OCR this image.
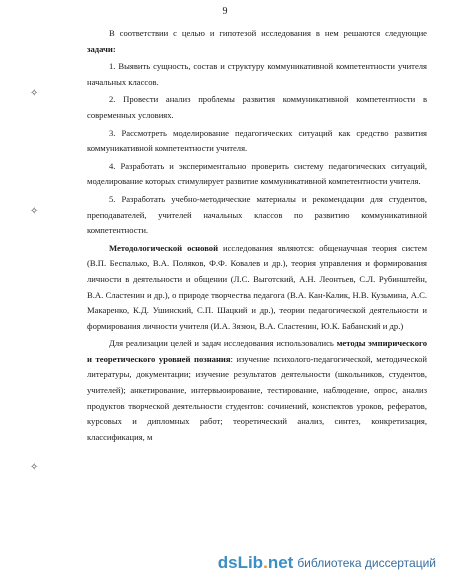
9
✧
✧
✧

В соответствии с целью и гипотезой исследования в нем решаются следующие задачи:

1. Выявить сущность, состав и структуру коммуникативной компетентности учителя начальных классов.

2. Провести анализ проблемы развития коммуникативной компетентности в современных условиях.

3. Рассмотреть моделирование педагогических ситуаций как средство развития коммуникативной компетентности учителя.

4. Разработать и экспериментально проверить систему педагогических ситуаций, моделирование которых стимулирует развитие коммуникативной компетентности учителя.

5. Разработать учебно-методические материалы и рекомендации для студентов, преподавателей, учителей начальных классов по развитию коммуникативной компетентности.

Методологической основой исследования являются: общенаучная теория систем (В.П. Беспалько, В.А. Поляков, Ф.Ф. Ковалев и др.), теория управления и формирования личности в деятельности и общении (Л.С. Выготский, А.Н. Леонтьев, С.Л. Рубинштейн, В.А. Сластенин и др.), о природе творчества педагога (В.А. Кан-Калик, Н.В. Кузьмина, А.С. Макаренко, К.Д. Ушинский, С.П. Шацкий и др.), теории педагогической деятельности и формирования личности учителя (И.А. Зязюн, В.А. Сластенин, Ю.К. Бабанский и др.)

Для реализации целей и задач исследования использовались методы эмпирического и теоретического уровней познания: изучение психолого-педагогической, методической литературы, документации; изучение результатов деятельности (школьников, студентов, учителей); анкетирование, интервьюирование, тестирование, наблюдение, опрос, анализ продуктов творческой деятельности студентов: сочинений, конспектов уроков, рефератов, курсовых и дипломных работ; теоретический анализ, синтез, конкретизация, классификация, м

dsLib.net библиотека диссертаций
